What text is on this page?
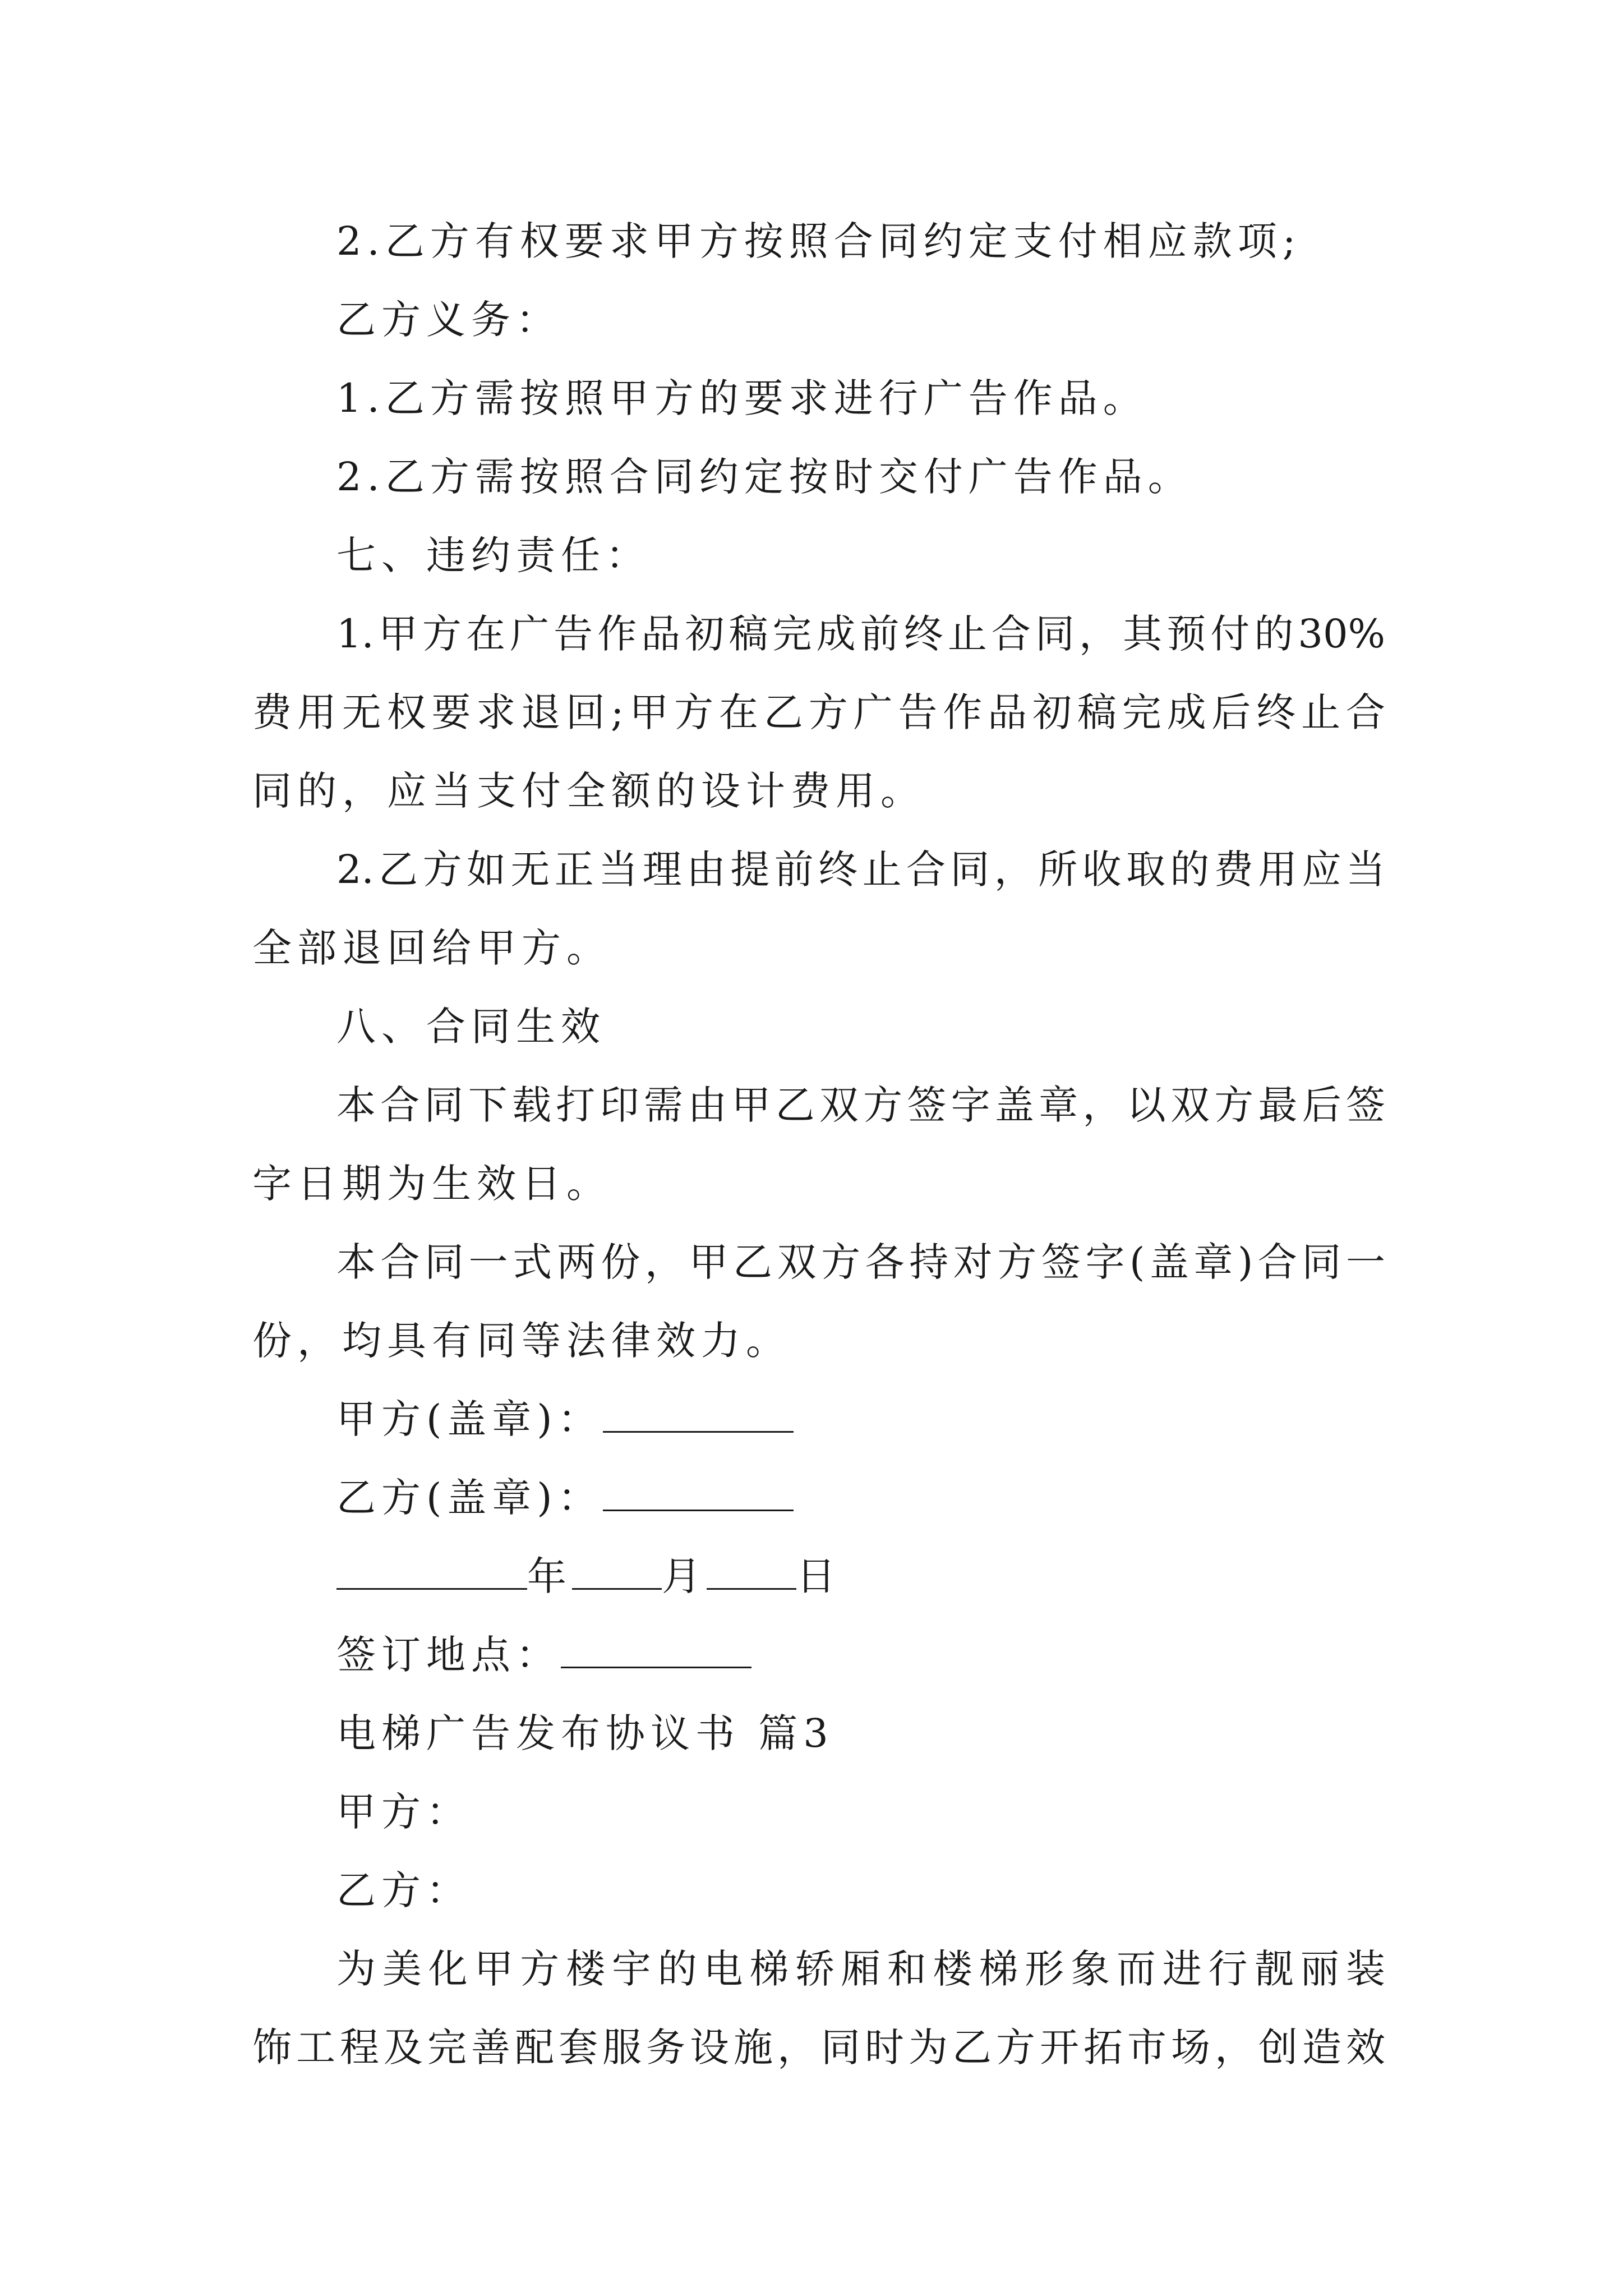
2.乙方有权要求甲方按照合同约定支付相应款项;
乙方义务：
1.乙方需按照甲方的要求进行广告作品。
2.乙方需按照合同约定按时交付广告作品。
七、违约责任：
1.甲方在广告作品初稿完成前终止合同，其预付的30%
费用无权要求退回;甲方在乙方广告作品初稿完成后终止合
同的，应当支付全额的设计费用。
2.乙方如无正当理由提前终止合同，所收取的费用应当
全部退回给甲方。
八、合同生效
本合同下载打印需由甲乙双方签字盖章，以双方最后签
字日期为生效日。
本合同一式两份，甲乙双方各持对方签字(盖章)合同一
份，均具有同等法律效力。
甲方(盖章)：
乙方(盖章)：
年 月 日
签订地点：
电梯广告发布协议书 篇3
甲方：
乙方：
为美化甲方楼宇的电梯轿厢和楼梯形象而进行靓丽装
饰工程及完善配套服务设施，同时为乙方开拓市场，创造效
